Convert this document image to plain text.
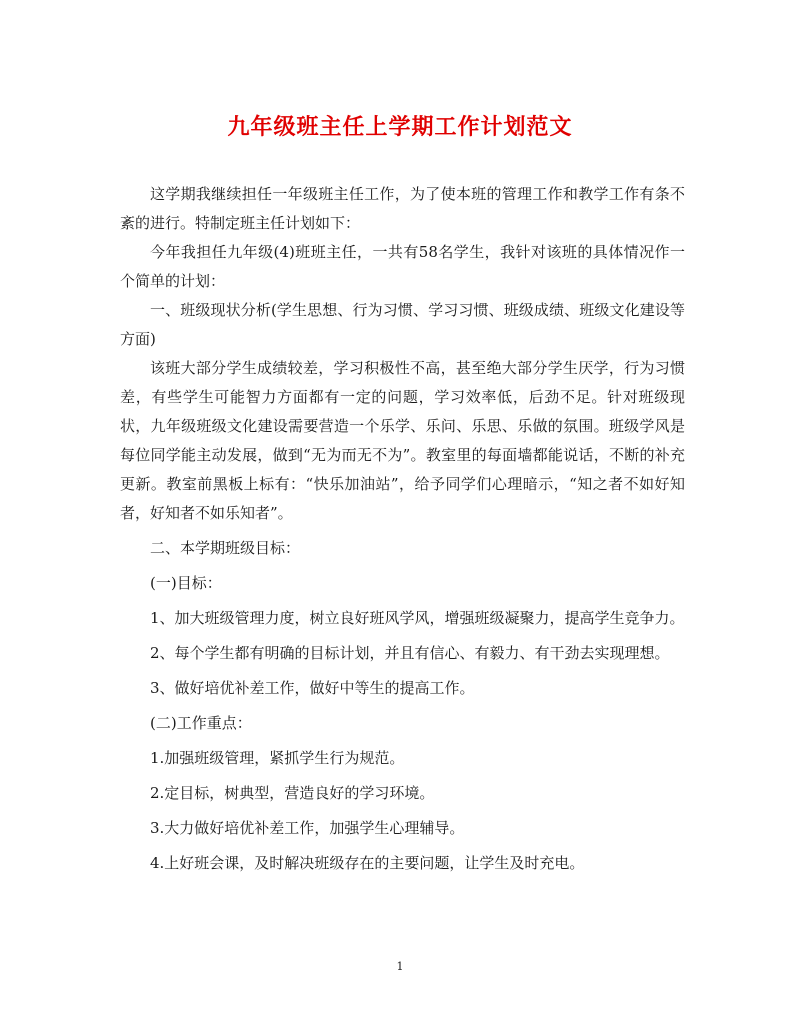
九年级班主任上学期工作计划范文

这学期我继续担任一年级班主任工作，为了使本班的管理工作和教学工作有条不紊的进行。特制定班主任计划如下：

今年我担任九年级(4)班班主任，一共有58名学生，我针对该班的具体情况作一个简单的计划：

一、班级现状分析(学生思想、行为习惯、学习习惯、班级成绩、班级文化建设等方面)

该班大部分学生成绩较差，学习积极性不高，甚至绝大部分学生厌学，行为习惯差，有些学生可能智力方面都有一定的问题，学习效率低，后劲不足。针对班级现状，九年级班级文化建设需要营造一个乐学、乐问、乐思、乐做的氛围。班级学风是每位同学能主动发展，做到“无为而无不为”。教室里的每面墙都能说话，不断的补充更新。教室前黑板上标有：“快乐加油站”，给予同学们心理暗示，“知之者不如好知者，好知者不如乐知者”。

二、本学期班级目标：

(一)目标：

1、加大班级管理力度，树立良好班风学风，增强班级凝聚力，提高学生竞争力。

2、每个学生都有明确的目标计划，并且有信心、有毅力、有干劲去实现理想。

3、做好培优补差工作，做好中等生的提高工作。

(二)工作重点：

1.加强班级管理，紧抓学生行为规范。

2.定目标，树典型，营造良好的学习环境。

3.大力做好培优补差工作，加强学生心理辅导。

4.上好班会课，及时解决班级存在的主要问题，让学生及时充电。

1
